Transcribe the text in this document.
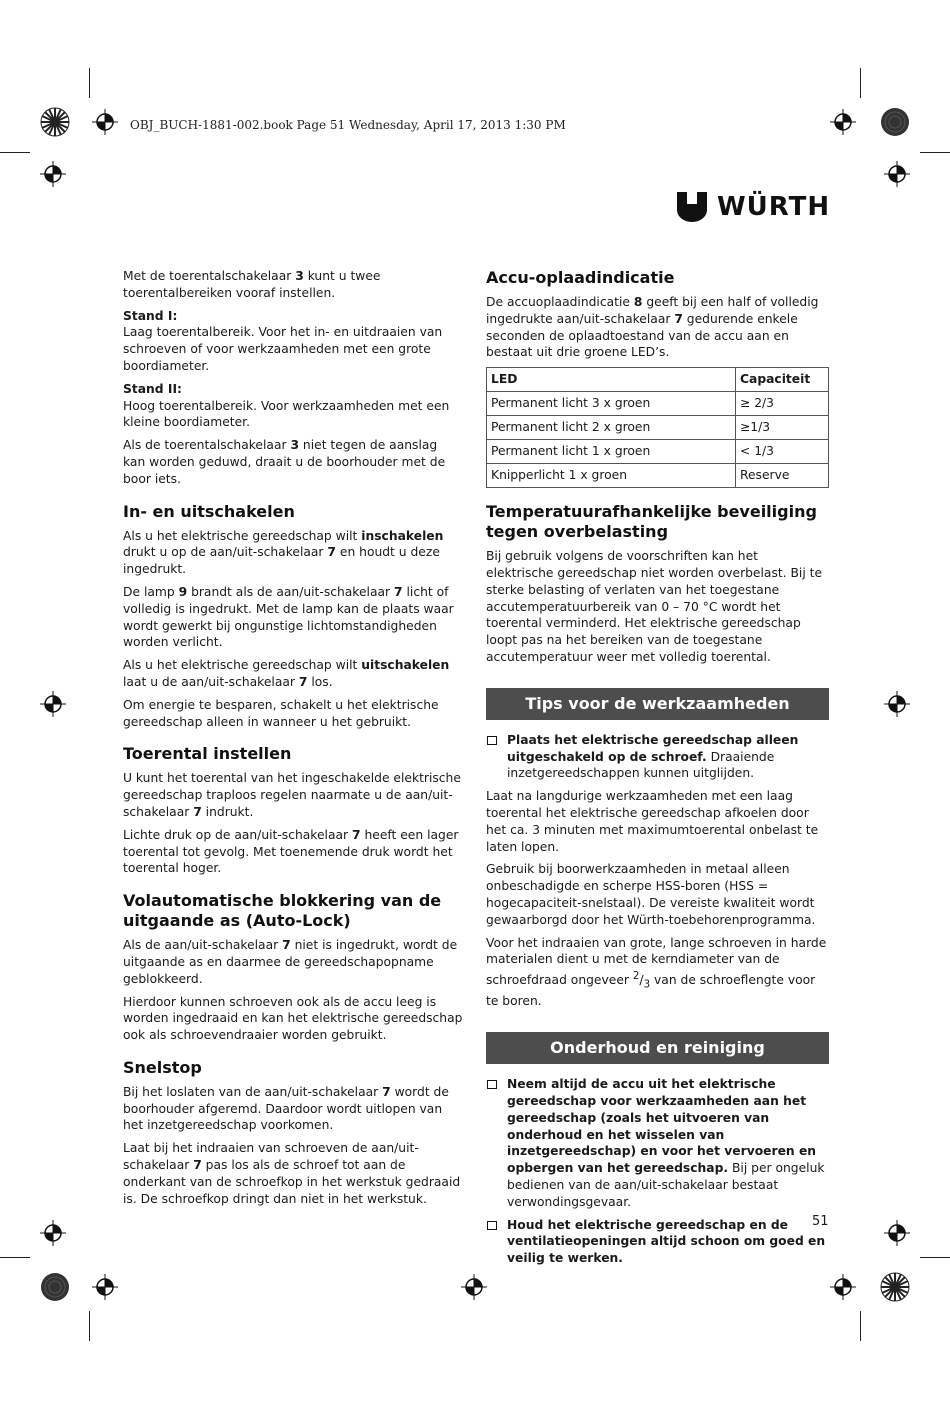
OBJ_BUCH-1881-002.book Page 51 Wednesday, April 17, 2013 1:30 PM
WÜRTH

Met de toerentalschakelaar 3 kunt u twee toerentalbereiken vooraf instellen.

Stand I:

Laag toerentalbereik. Voor het in- en uitdraaien van schroeven of voor werkzaamheden met een grote boordiameter.

Stand II:

Hoog toerentalbereik. Voor werkzaamheden met een kleine boordiameter.

Als de toerentalschakelaar 3 niet tegen de aanslag kan worden geduwd, draait u de boorhouder met de boor iets.

In- en uitschakelen

Als u het elektrische gereedschap wilt inschakelen drukt u op de aan/uit-schakelaar 7 en houdt u deze ingedrukt.

De lamp 9 brandt als de aan/uit-schakelaar 7 licht of volledig is ingedrukt. Met de lamp kan de plaats waar wordt gewerkt bij ongunstige lichtomstandigheden worden verlicht.

Als u het elektrische gereedschap wilt uitschakelen laat u de aan/uit-schakelaar 7 los.

Om energie te besparen, schakelt u het elektrische gereedschap alleen in wanneer u het gebruikt.

Toerental instellen

U kunt het toerental van het ingeschakelde elektrische gereedschap traploos regelen naarmate u de aan/uit-schakelaar 7 indrukt.

Lichte druk op de aan/uit-schakelaar 7 heeft een lager toerental tot gevolg. Met toenemende druk wordt het toerental hoger.

Volautomatische blokkering van de uitgaande as (Auto-Lock)

Als de aan/uit-schakelaar 7 niet is ingedrukt, wordt de uitgaande as en daarmee de gereedschapopname geblokkeerd.

Hierdoor kunnen schroeven ook als de accu leeg is worden ingedraaid en kan het elektrische gereedschap ook als schroevendraaier worden gebruikt.

Snelstop

Bij het loslaten van de aan/uit-schakelaar 7 wordt de boorhouder afgeremd. Daardoor wordt uitlopen van het inzetgereedschap voorkomen.

Laat bij het indraaien van schroeven de aan/uit-schakelaar 7 pas los als de schroef tot aan de onderkant van de schroefkop in het werkstuk gedraaid is. De schroefkop dringt dan niet in het werkstuk.

Accu-oplaadindicatie

De accuoplaadindicatie 8 geeft bij een half of volledig ingedrukte aan/uit-schakelaar 7 gedurende enkele seconden de oplaadtoestand van de accu aan en bestaat uit drie groene LED’s.

LED	Capaciteit
Permanent licht 3 x groen	≥ 2/3
Permanent licht 2 x groen	≥1/3
Permanent licht 1 x groen	< 1/3
Knipperlicht 1 x groen	Reserve
Temperatuurafhankelijke beveiliging tegen overbelasting

Bij gebruik volgens de voorschriften kan het elektrische gereedschap niet worden overbelast. Bij te sterke belasting of verlaten van het toegestane accutemperatuurbereik van 0 – 70 °C wordt het toerental verminderd. Het elektrische gereedschap loopt pas na het bereiken van de toegestane accutemperatuur weer met volledig toerental.

Tips voor de werkzaamheden
Plaats het elektrische gereedschap alleen uitgeschakeld op de schroef. Draaiende inzetgereedschappen kunnen uitglijden.

Laat na langdurige werkzaamheden met een laag toerental het elektrische gereedschap afkoelen door het ca. 3 minuten met maximumtoerental onbelast te laten lopen.

Gebruik bij boorwerkzaamheden in metaal alleen onbeschadigde en scherpe HSS-boren (HSS = hogecapaciteit-snelstaal). De vereiste kwaliteit wordt gewaarborgd door het Würth-toebehorenprogramma.

Voor het indraaien van grote, lange schroeven in harde materialen dient u met de kerndiameter van de schroefdraad ongeveer $^2/_3$ van de schroeflengte voor te boren.

Onderhoud en reiniging
Neem altijd de accu uit het elektrische gereedschap voor werkzaamheden aan het gereedschap (zoals het uitvoeren van onderhoud en het wisselen van inzetgereedschap) en voor het vervoeren en opbergen van het gereedschap. Bij per ongeluk bedienen van de aan/uit-schakelaar bestaat verwondingsgevaar.
Houd het elektrische gereedschap en de ventilatieopeningen altijd schoon om goed en veilig te werken.
51
